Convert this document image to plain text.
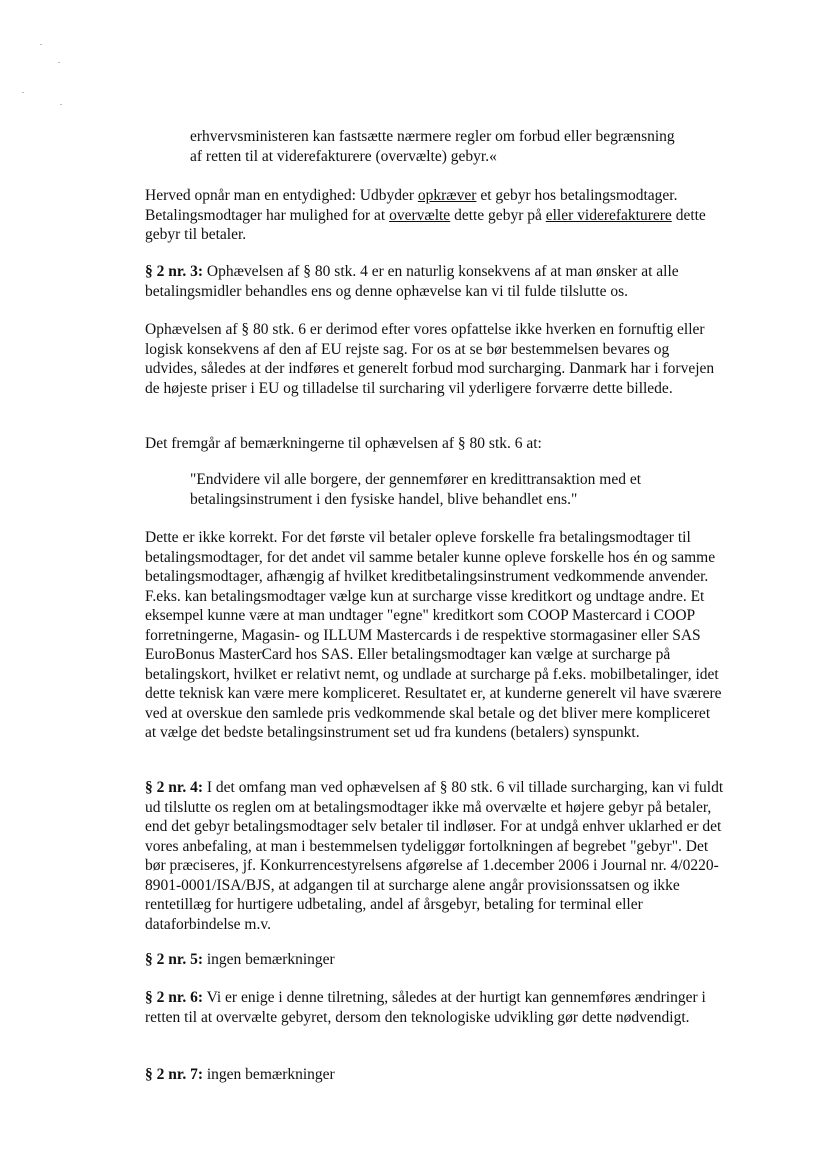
erhvervsministeren kan fastsætte nærmere regler om forbud eller begrænsning
af retten til at viderefakturere (overvælte) gebyr.«

Herved opnår man en entydighed: Udbyder opkræver et gebyr hos betalingsmodtager. Betalingsmodtager har mulighed for at overvælte dette gebyr på eller viderefakturere dette gebyr til betaler.

§ 2 nr. 3: Ophævelsen af § 80 stk. 4 er en naturlig konsekvens af at man ønsker at alle betalingsmidler behandles ens og denne ophævelse kan vi til fulde tilslutte os.

Ophævelsen af § 80 stk. 6 er derimod efter vores opfattelse ikke hverken en fornuftig eller logisk konsekvens af den af EU rejste sag. For os at se bør bestemmelsen bevares og udvides, således at der indføres et generelt forbud mod surcharging. Danmark har i forvejen de højeste priser i EU og tilladelse til surcharing vil yderligere forværre dette billede.

Det fremgår af bemærkningerne til ophævelsen af § 80 stk. 6 at:

"Endvidere vil alle borgere, der gennemfører en kredittransaktion med et
betalingsinstrument i den fysiske handel, blive behandlet ens."

Dette er ikke korrekt. For det første vil betaler opleve forskelle fra betalingsmodtager til betalingsmodtager, for det andet vil samme betaler kunne opleve forskelle hos én og samme betalingsmodtager, afhængig af hvilket kreditbetalingsinstrument vedkommende anvender. F.eks. kan betalingsmodtager vælge kun at surcharge visse kreditkort og undtage andre. Et eksempel kunne være at man undtager "egne" kreditkort som COOP Mastercard i COOP forretningerne, Magasin- og ILLUM Mastercards i de respektive stormagasiner eller SAS EuroBonus MasterCard hos SAS. Eller betalingsmodtager kan vælge at surcharge på betalingskort, hvilket er relativt nemt, og undlade at surcharge på f.eks. mobilbetalinger, idet dette teknisk kan være mere kompliceret. Resultatet er, at kunderne generelt vil have sværere ved at overskue den samlede pris vedkommende skal betale og det bliver mere kompliceret at vælge det bedste betalingsinstrument set ud fra kundens (betalers) synspunkt.

§ 2 nr. 4: I det omfang man ved ophævelsen af § 80 stk. 6 vil tillade surcharging, kan vi fuldt ud tilslutte os reglen om at betalingsmodtager ikke må overvælte et højere gebyr på betaler, end det gebyr betalingsmodtager selv betaler til indløser. For at undgå enhver uklarhed er det vores anbefaling, at man i bestemmelsen tydeliggør fortolkningen af begrebet "gebyr". Det bør præciseres, jf. Konkurrencestyrelsens afgørelse af 1.december 2006 i Journal nr. 4/0220-8901-0001/ISA/BJS, at adgangen til at surcharge alene angår provisionssatsen og ikke rentetillæg for hurtigere udbetaling, andel af årsgebyr, betaling for terminal eller dataforbindelse m.v.

§ 2 nr. 5: ingen bemærkninger

§ 2 nr. 6: Vi er enige i denne tilretning, således at der hurtigt kan gennemføres ændringer i retten til at overvælte gebyret, dersom den teknologiske udvikling gør dette nødvendigt.

§ 2 nr. 7: ingen bemærkninger
